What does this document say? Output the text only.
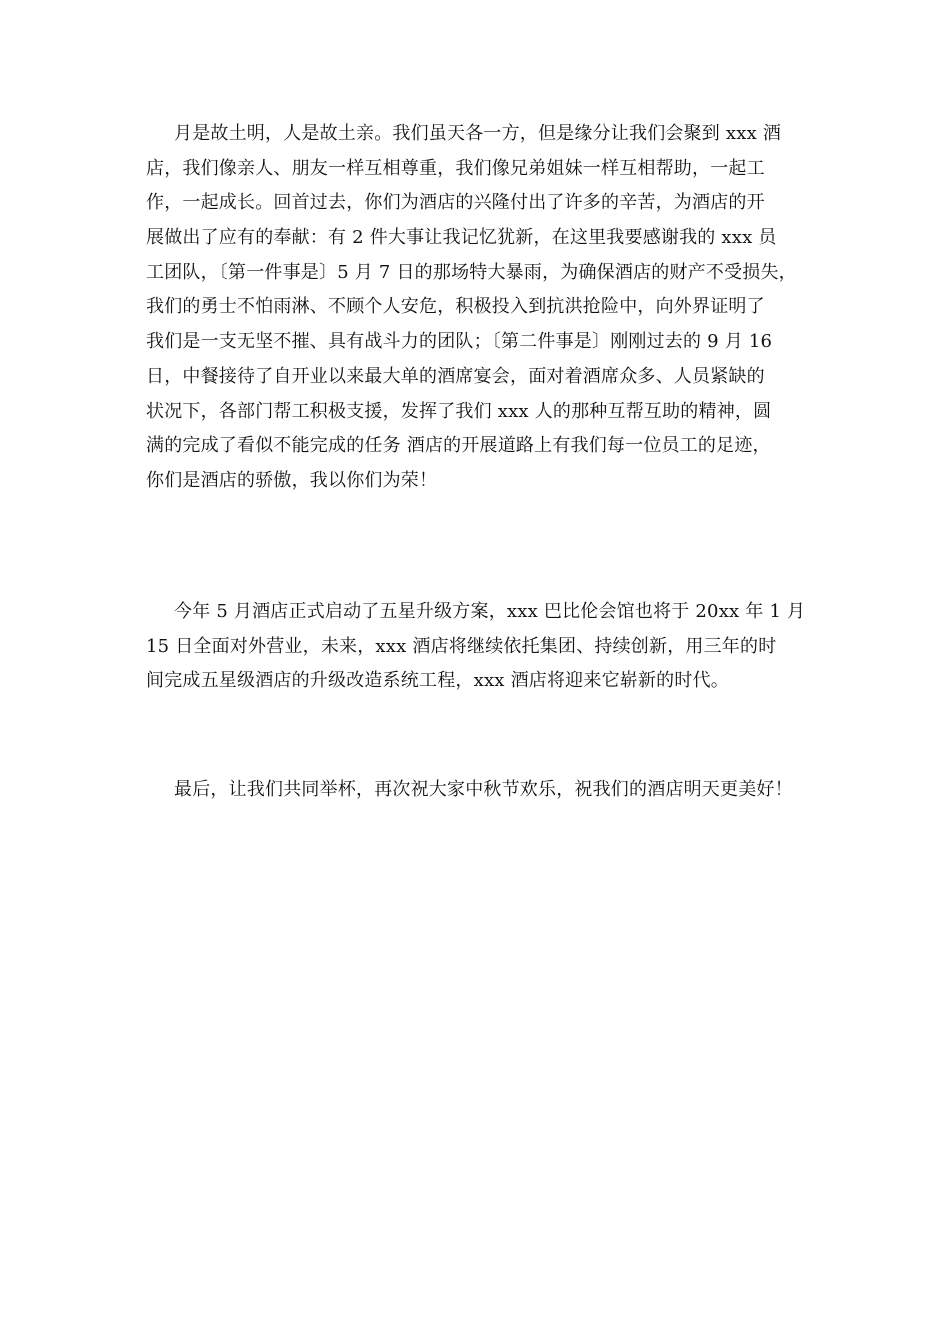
月是故土明，人是故土亲。我们虽天各一方，但是缘分让我们会聚到 xxx 酒
店，我们像亲人、朋友一样互相尊重，我们像兄弟姐妹一样互相帮助，一起工
作，一起成长。回首过去，你们为酒店的兴隆付出了许多的辛苦，为酒店的开
展做出了应有的奉献：有 2 件大事让我记忆犹新，在这里我要感谢我的 xxx 员
工团队，〔第一件事是〕5 月 7 日的那场特大暴雨，为确保酒店的财产不受损失，
我们的勇士不怕雨淋、不顾个人安危，积极投入到抗洪抢险中，向外界证明了
我们是一支无坚不摧、具有战斗力的团队；〔第二件事是〕刚刚过去的 9 月 16
日，中餐接待了自开业以来最大单的酒席宴会，面对着酒席众多、人员紧缺的
状况下，各部门帮工积极支援，发挥了我们 xxx 人的那种互帮互助的精神，圆
满的完成了看似不能完成的任务 酒店的开展道路上有我们每一位员工的足迹，
你们是酒店的骄傲，我以你们为荣！
今年 5 月酒店正式启动了五星升级方案，xxx 巴比伦会馆也将于 20xx 年 1 月
15 日全面对外营业，未来，xxx 酒店将继续依托集团、持续创新，用三年的时
间完成五星级酒店的升级改造系统工程，xxx 酒店将迎来它崭新的时代。
最后，让我们共同举杯，再次祝大家中秋节欢乐，祝我们的酒店明天更美好！
